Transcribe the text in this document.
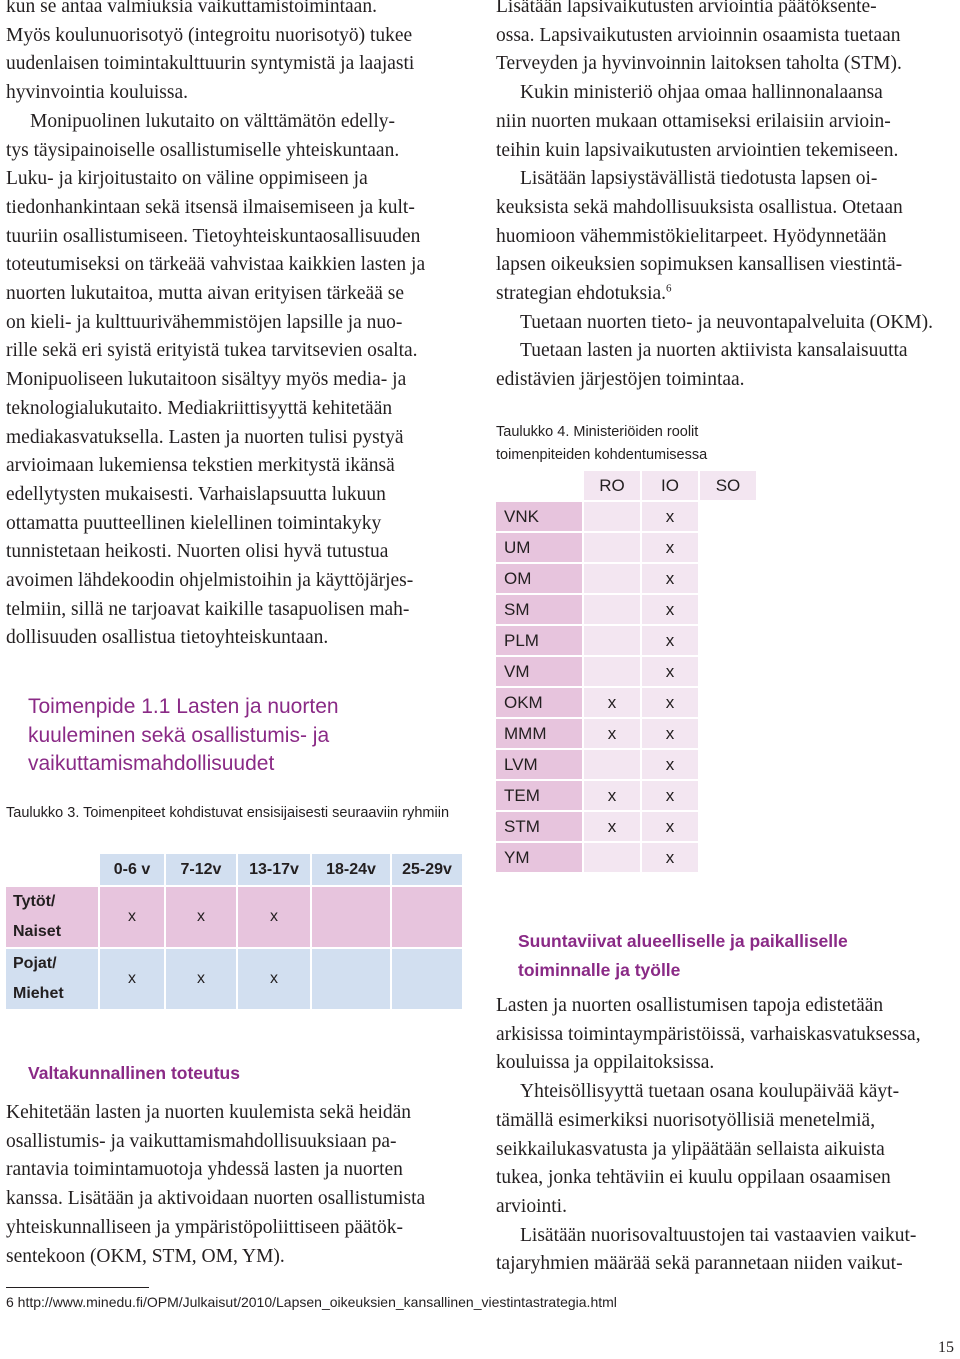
kun se antaa valmiuksia vaikuttamistoimintaan.
Myös koulunuorisotyö (integroitu nuorisotyö) tukee
uudenlaisen toimintakulttuurin syntymistä ja laajasti
hyvinvointia kouluissa.

Monipuolinen lukutaito on välttämätön edelly-
tys täysipainoiselle osallistumiselle yhteiskuntaan.
Luku- ja kirjoitustaito on väline oppimiseen ja
tiedonhankintaan sekä itsensä ilmaisemiseen ja kult-
tuuriin osallistumiseen. Tietoyhteiskuntaosallisuuden
toteutumiseksi on tärkeää vahvistaa kaikkien lasten ja
nuorten lukutaitoa, mutta aivan erityisen tärkeää se
on kieli- ja kulttuurivähemmistöjen lapsille ja nuo-
rille sekä eri syistä erityistä tukea tarvitsevien osalta.
Monipuoliseen lukutaitoon sisältyy myös media- ja
teknologialukutaito. Mediakriittisyyttä kehitetään
mediakasvatuksella. Lasten ja nuorten tulisi pystyä
arvioimaan lukemiensa tekstien merkitystä ikänsä
edellytysten mukaisesti. Varhaislapsuutta lukuun
ottamatta puutteellinen kielellinen toimintakyky
tunnistetaan heikosti. Nuorten olisi hyvä tutustua
avoimen lähdekoodin ohjelmistoihin ja käyttöjärjes-
telmiin, sillä ne tarjoavat kaikille tasapuolisen mah-
dollisuuden osallistua tietoyhteiskuntaan.

Toimenpide 1.1 Lasten ja nuorten
kuuleminen sekä osallistumis- ja
vaikuttamismahdollisuudet
Taulukko 3. Toimenpiteet kohdistuvat ensisijaisesti seuraaviin ryhmiin
	0-6 v	7-12v	13-17v	18-24v	25-29v

Tytöt/
Naiset	x	x	x		

Pojat/
Miehet	x	x	x		
Valtakunnallinen toteutus
Kehitetään lasten ja nuorten kuulemista sekä heidän
osallistumis- ja vaikuttamismahdollisuuksiaan pa-
rantavia toimintamuotoja yhdessä lasten ja nuorten
kanssa. Lisätään ja aktivoidaan nuorten osallistumista
yhteiskunnalliseen ja ympäristöpoliittiseen päätök-
sentekoon (OKM, STM, OM, YM).

Lisätään lapsivaikutusten arviointia päätöksente-
ossa. Lapsivaikutusten arvioinnin osaamista tuetaan
Terveyden ja hyvinvoinnin laitoksen taholta (STM).

Kukin ministeriö ohjaa omaa hallinnonalaansa
niin nuorten mukaan ottamiseksi erilaisiin arvioin-
teihin kuin lapsivaikutusten arviointien tekemiseen.

Lisätään lapsiystävällistä tiedotusta lapsen oi-
keuksista sekä mahdollisuuksista osallistua. Otetaan
huomioon vähemmistökielitarpeet. Hyödynnetään
lapsen oikeuksien sopimuksen kansallisen viestintä-
strategian ehdotuksia.$^6$

Tuetaan nuorten tieto- ja neuvontapalveluita (OKM).

Tuetaan lasten ja nuorten aktiivista kansalaisuutta
edistävien järjestöjen toimintaa.

Taulukko 4. Ministeriöiden roolit
toimenpiteiden kohdentumisessa
	RO	IO	SO
VNK		x	
UM		x	
OM		x	
SM		x	
PLM		x	
VM		x	
OKM	x	x	
MMM	x	x	
LVM		x	
TEM	x	x	
STM	x	x	
YM		x	
Suuntaviivat alueelliselle ja paikalliselle
toiminnalle ja työlle

Lasten ja nuorten osallistumisen tapoja edistetään
arkisissa toimintaympäristöissä, varhaiskasvatuksessa,
kouluissa ja oppilaitoksissa.

Yhteisöllisyyttä tuetaan osana koulupäivää käyt-
tämällä esimerkiksi nuorisotyöllisiä menetelmiä,
seikkailukasvatusta ja ylipäätään sellaista aikuista
tukea, jonka tehtäviin ei kuulu oppilaan osaamisen
arviointi.

Lisätään nuorisovaltuustojen tai vastaavien vaikut-
tajaryhmien määrää sekä parannetaan niiden vaikut-

6 http://www.minedu.fi/OPM/Julkaisut/2010/Lapsen_oikeuksien_kansallinen_viestintastrategia.html
15
